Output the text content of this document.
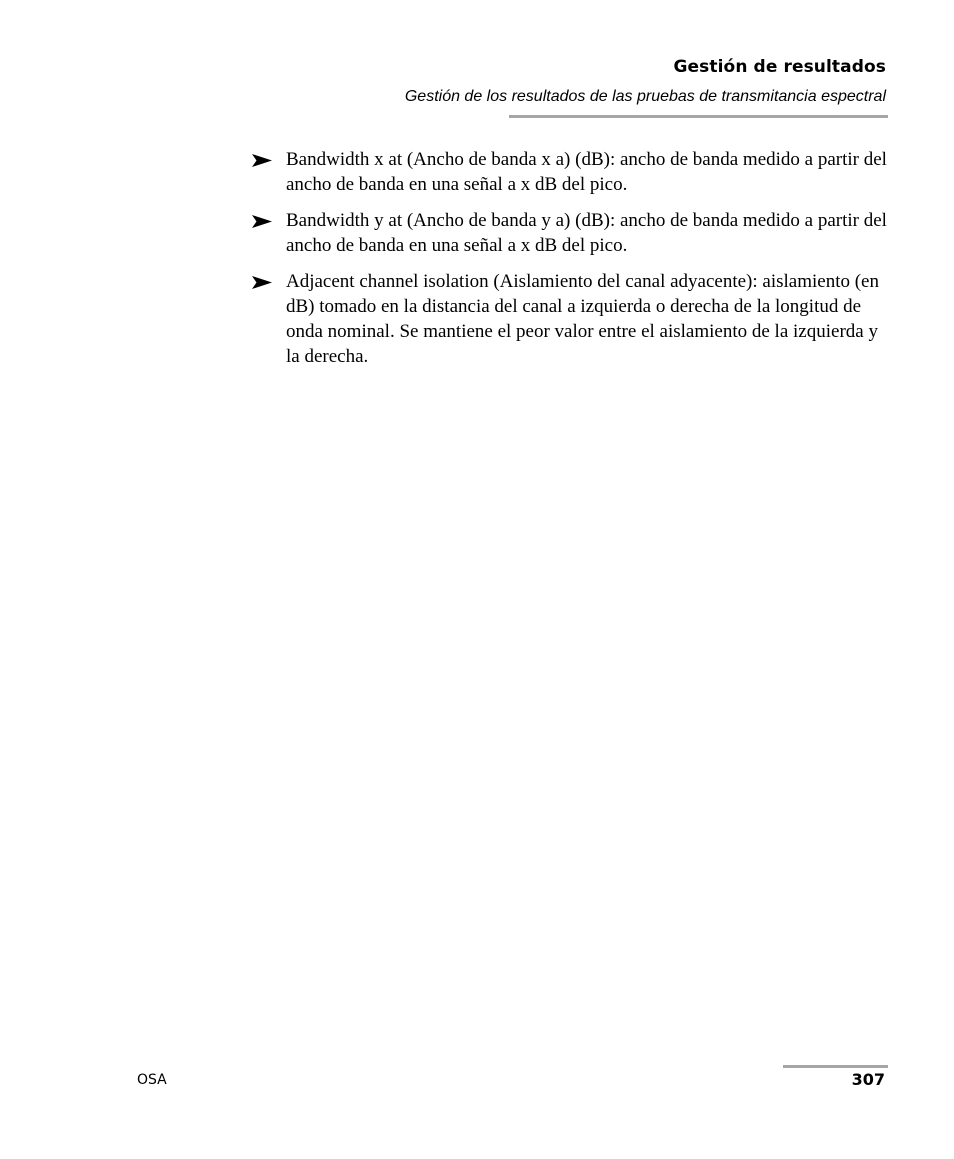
Gestión de resultados
Gestión de los resultados de las pruebas de transmitancia espectral
Bandwidth x at (Ancho de banda x a) (dB): ancho de banda medido a partir del ancho de banda en una señal a x dB del pico.
Bandwidth y at (Ancho de banda y a) (dB): ancho de banda medido a partir del ancho de banda en una señal a x dB del pico.
Adjacent channel isolation (Aislamiento del canal adyacente): aislamiento (en dB) tomado en la distancia del canal a izquierda o derecha de la longitud de onda nominal. Se mantiene el peor valor entre el aislamiento de la izquierda y la derecha.
OSA	307
